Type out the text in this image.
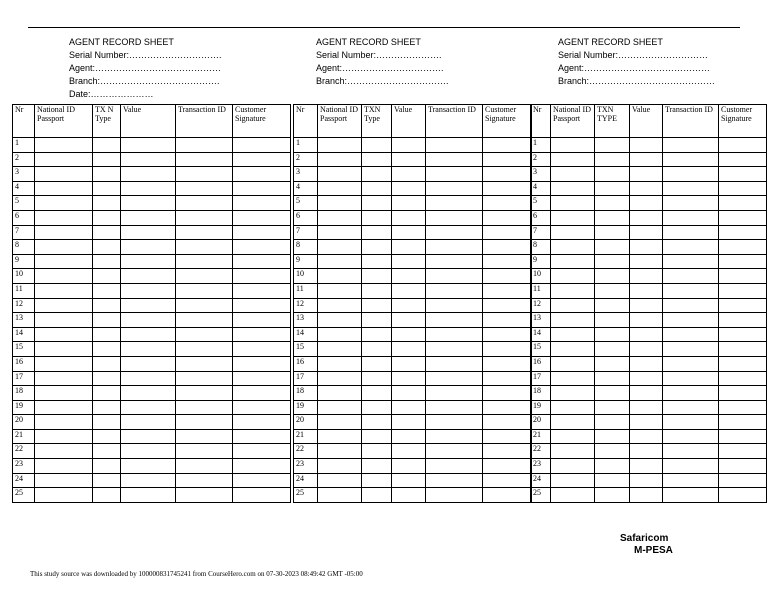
AGENT RECORD SHEET
Serial Number:………………………….
Agent:……………………………………
Branch:………………………………….
Date:…………………
AGENT RECORD SHEET
Serial Number:………………….
Agent:…………………………….
Branch:…………………………….
AGENT RECORD SHEET
Serial Number:…………………………
Agent:……………………………………
Branch:……………………………………
Nr	National ID Passport	TX N Type	Value	Transaction ID	Customer Signature
1					
2					
3					
4					
5					
6					
7					
8					
9					
10					
11					
12					
13					
14					
15					
16					
17					
18					
19					
20					
21					
22					
23					
24					
25					
Nr	National ID Passport	TXN Type	Value	Transaction ID	Customer Signature
1					
2					
3					
4					
5					
6					
7					
8					
9					
10					
11					
12					
13					
14					
15					
16					
17					
18					
19					
20					
21					
22					
23					
24					
25					
Nr	National ID Passport	TXN TYPE	Value	Transaction ID	Customer Signature
1					
2					
3					
4					
5					
6					
7					
8					
9					
10					
11					
12					
13					
14					
15					
16					
17					
18					
19					
20					
21					
22					
23					
24					
25					
Safaricom
M-PESA
This study source was downloaded by 100000831745241 from CourseHero.com on 07-30-2023 08:49:42 GMT -05:00
